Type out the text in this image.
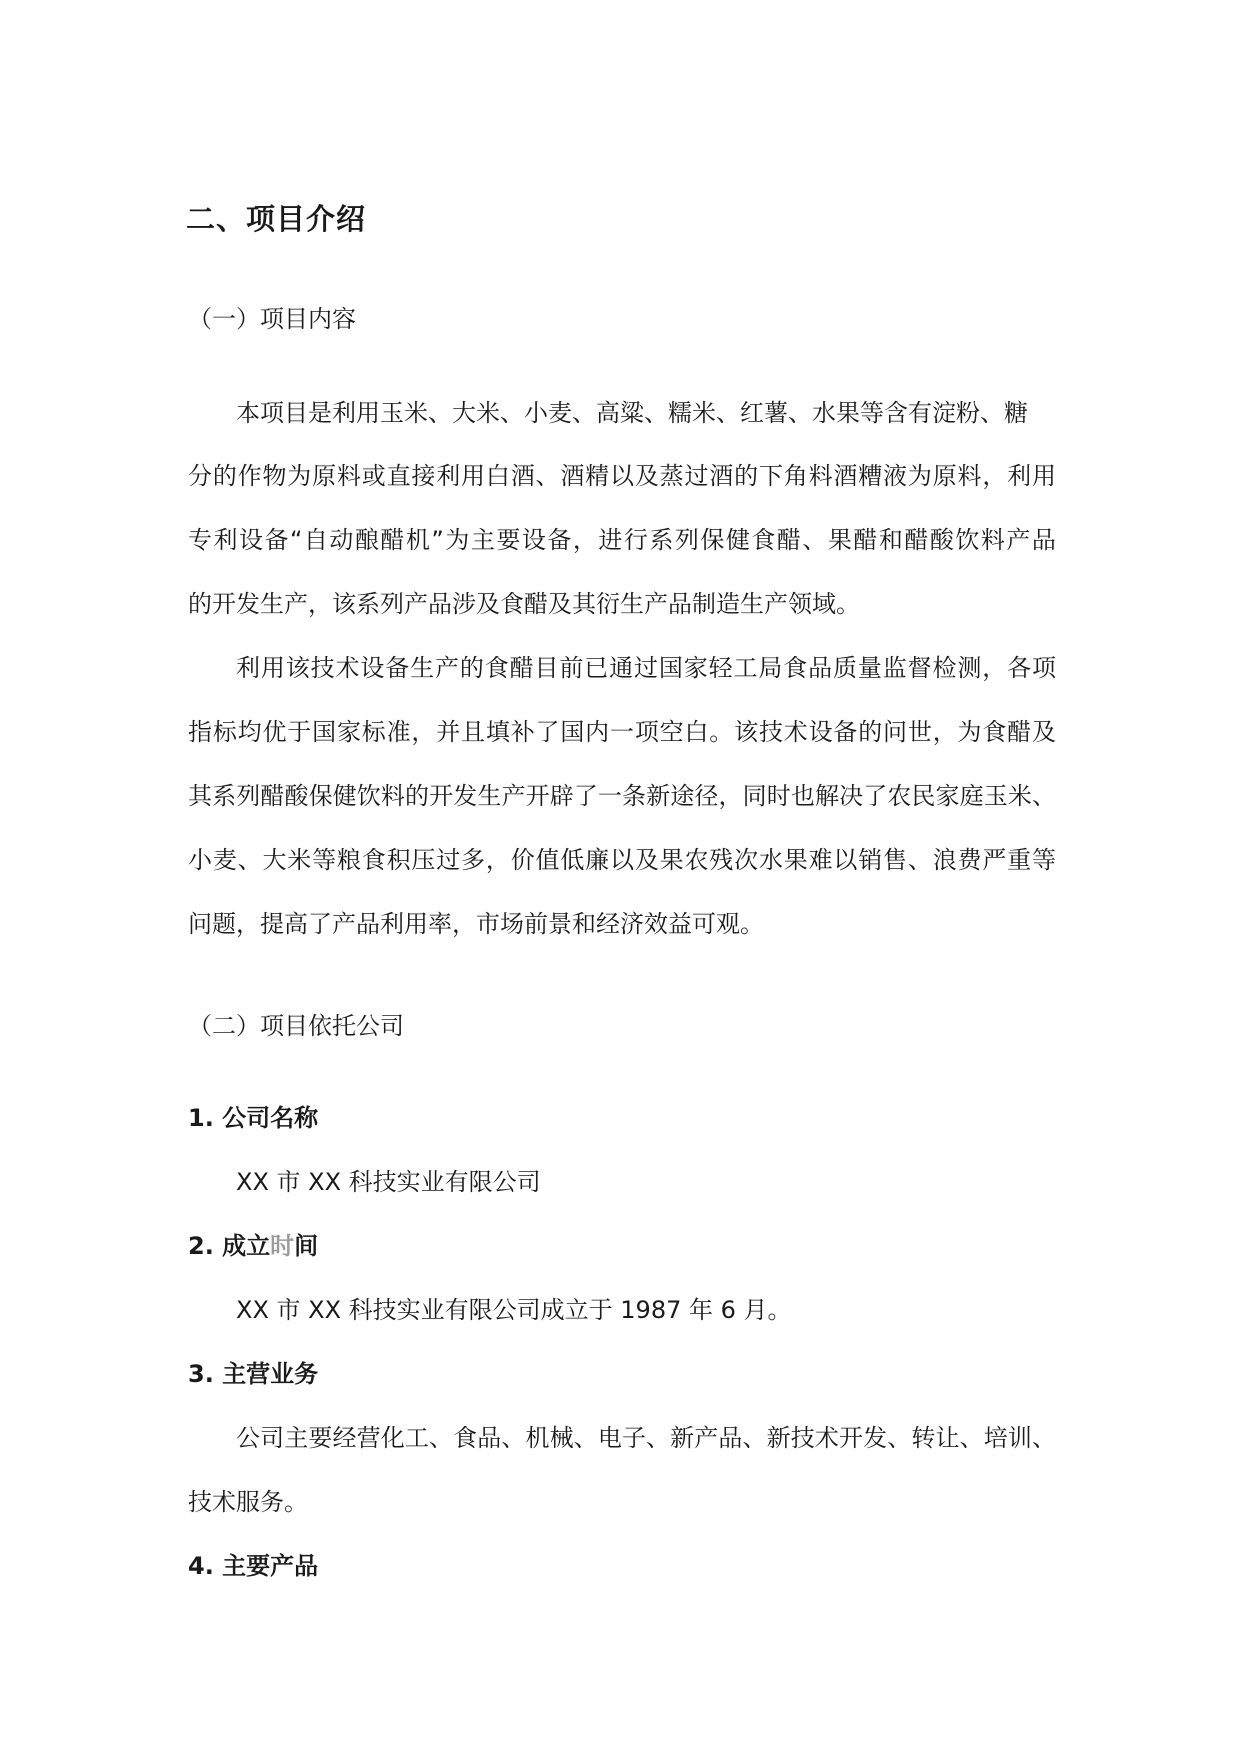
二、项目介绍
（一）项目内容
本项目是利用玉米、大米、小麦、高粱、糯米、红薯、水果等含有淀粉、糖
分的作物为原料或直接利用白酒、酒精以及蒸过酒的下角料酒糟液为原料，利用
专利设备“自动酿醋机”为主要设备，进行系列保健食醋、果醋和醋酸饮料产品
的开发生产，该系列产品涉及食醋及其衍生产品制造生产领域。
利用该技术设备生产的食醋目前已通过国家轻工局食品质量监督检测，各项
指标均优于国家标准，并且填补了国内一项空白。该技术设备的问世，为食醋及
其系列醋酸保健饮料的开发生产开辟了一条新途径，同时也解决了农民家庭玉米、
小麦、大米等粮食积压过多，价值低廉以及果农残次水果难以销售、浪费严重等
问题，提高了产品利用率，市场前景和经济效益可观。
（二）项目依托公司
1. 公司名称
XX 市 XX 科技实业有限公司
2. 成立时间
XX 市 XX 科技实业有限公司成立于 1987 年 6 月。
3. 主营业务
公司主要经营化工、食品、机械、电子、新产品、新技术开发、转让、培训、
技术服务。
4. 主要产品
